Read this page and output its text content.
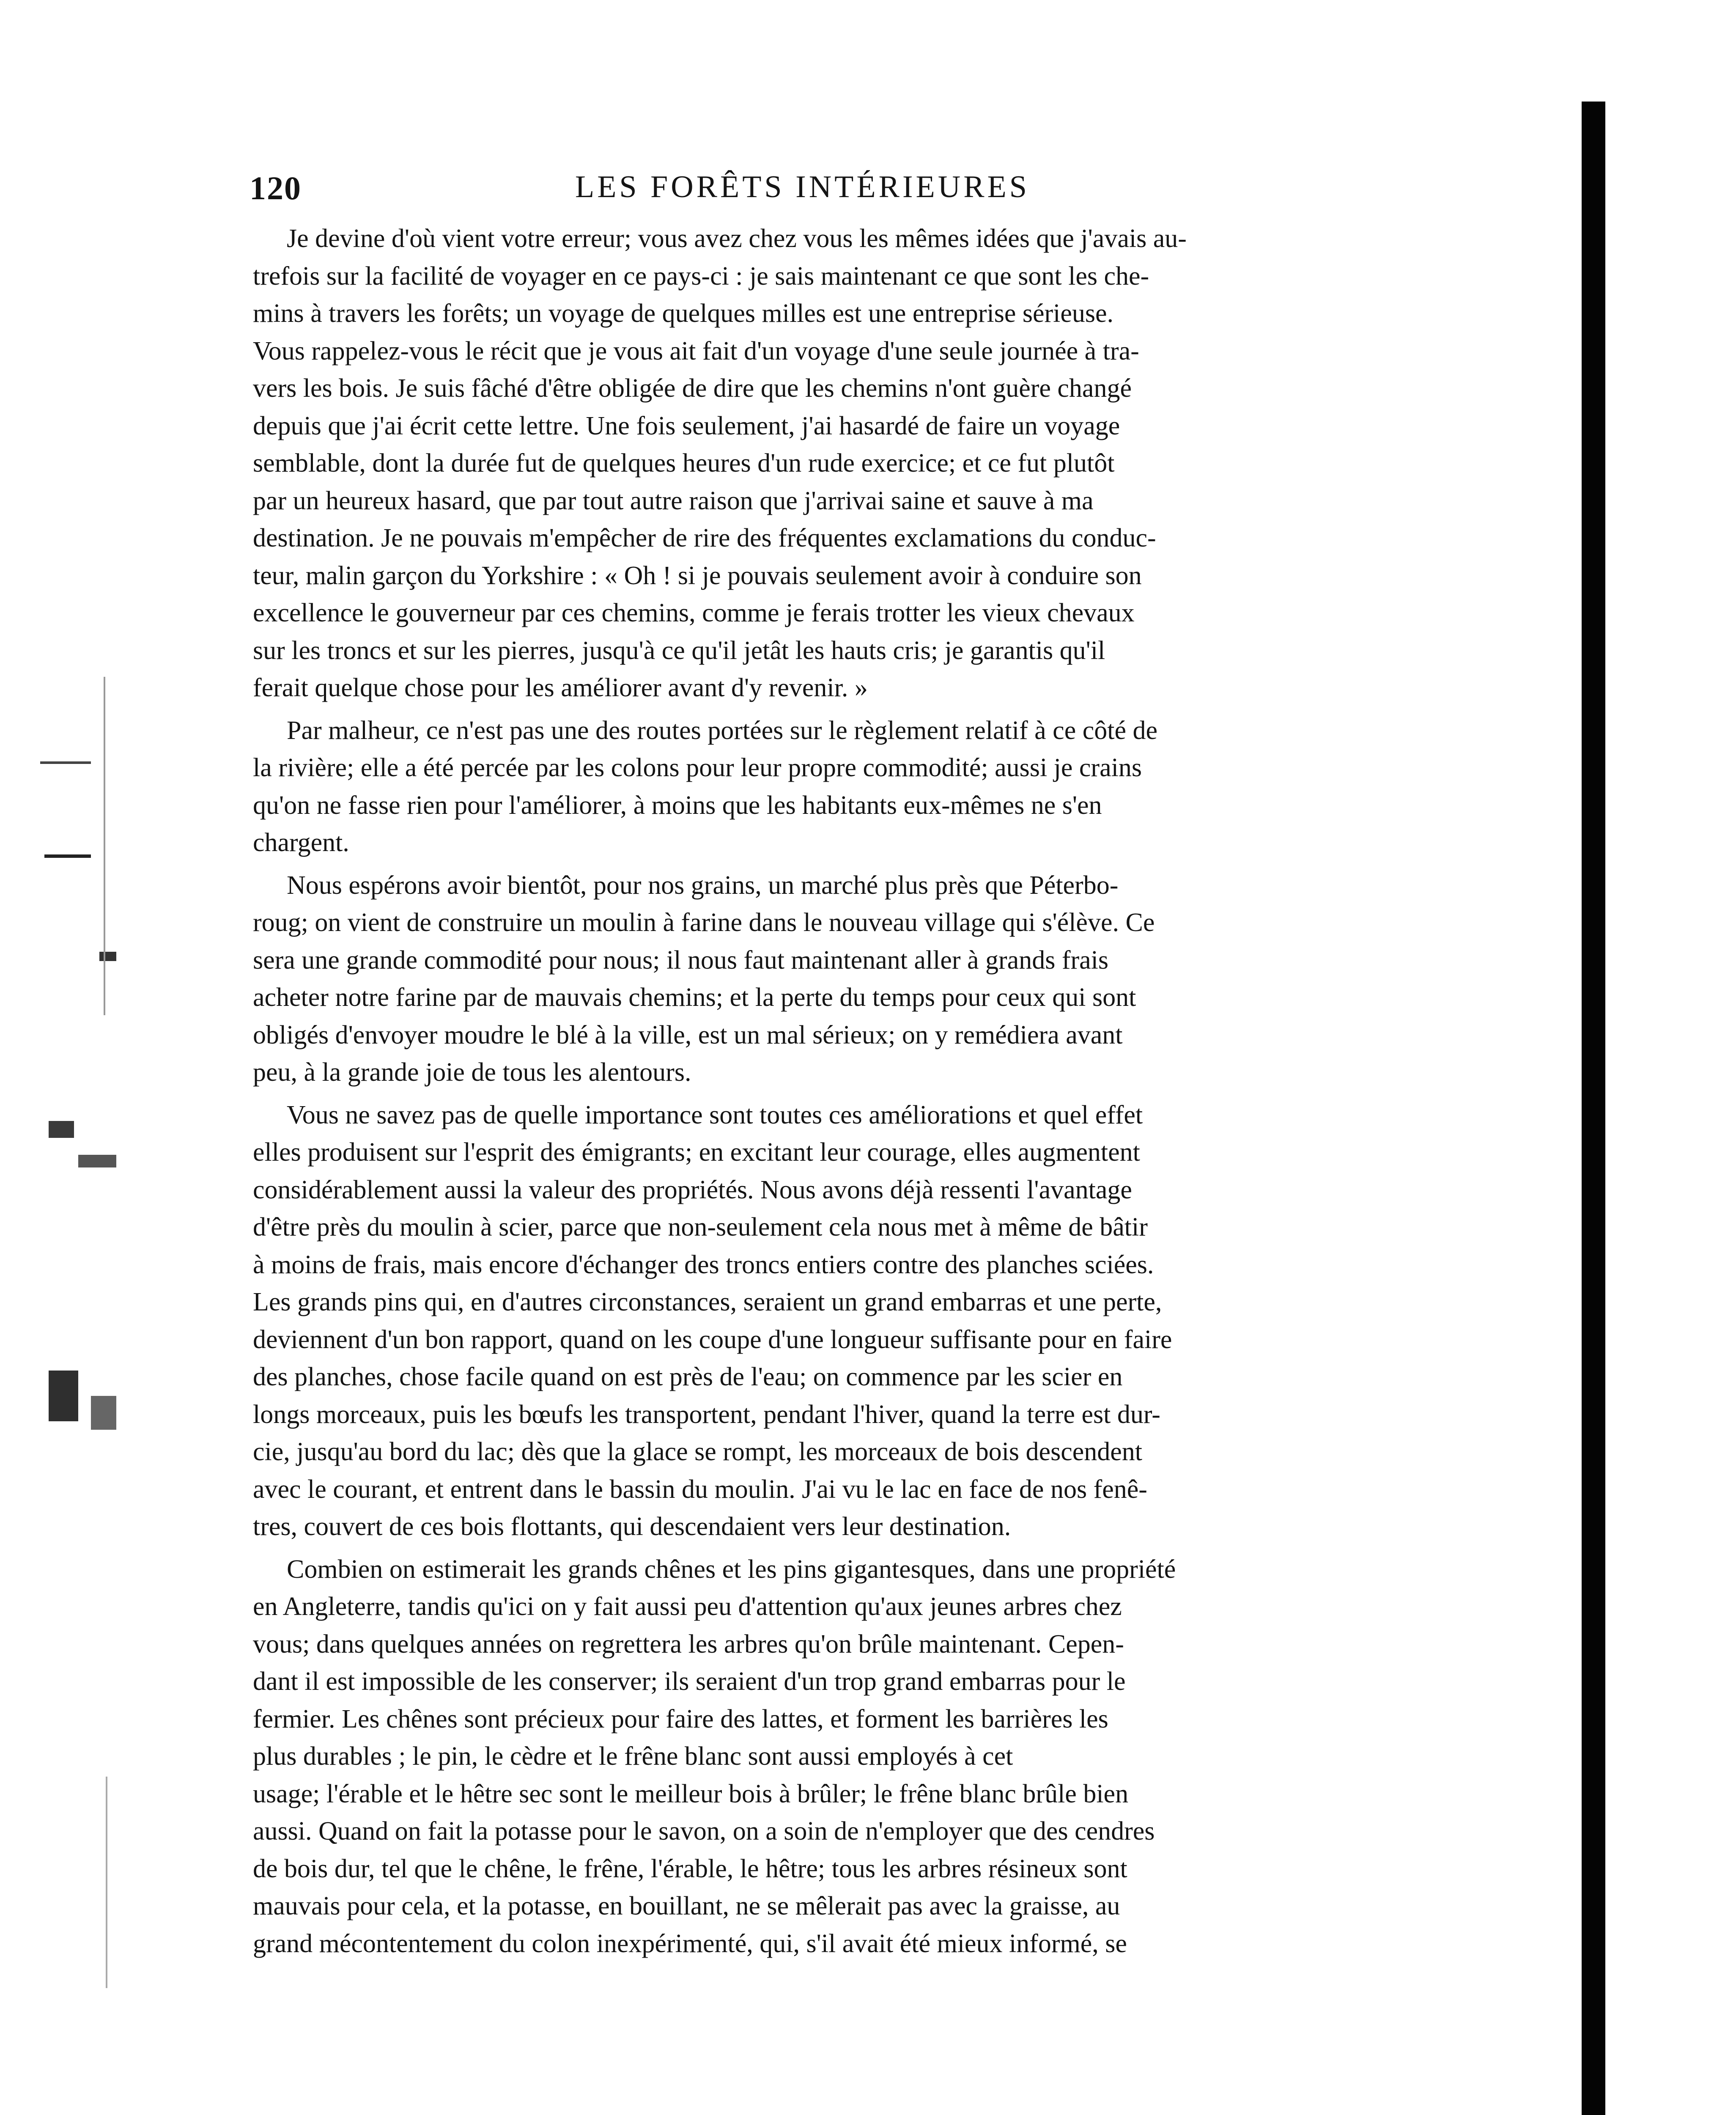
120	LES FORÊTS INTÉRIEURES

Je devine d'où vient votre erreur; vous avez chez vous les mêmes idées que j'avais au-
trefois sur la facilité de voyager en ce pays-ci : je sais maintenant ce que sont les che-
mins à travers les forêts; un voyage de quelques milles est une entreprise sérieuse.
Vous rappelez-vous le récit que je vous ait fait d'un voyage d'une seule journée à tra-
vers les bois. Je suis fâché d'être obligée de dire que les chemins n'ont guère changé
depuis que j'ai écrit cette lettre. Une fois seulement, j'ai hasardé de faire un voyage
semblable, dont la durée fut de quelques heures d'un rude exercice; et ce fut plutôt
par un heureux hasard, que par tout autre raison que j'arrivai saine et sauve à ma
destination. Je ne pouvais m'empêcher de rire des fréquentes exclamations du conduc-
teur, malin garçon du Yorkshire : « Oh ! si je pouvais seulement avoir à conduire son
excellence le gouverneur par ces chemins, comme je ferais trotter les vieux chevaux
sur les troncs et sur les pierres, jusqu'à ce qu'il jetât les hauts cris; je garantis qu'il
ferait quelque chose pour les améliorer avant d'y revenir. »

Par malheur, ce n'est pas une des routes portées sur le règlement relatif à ce côté de
la rivière; elle a été percée par les colons pour leur propre commodité; aussi je crains
qu'on ne fasse rien pour l'améliorer, à moins que les habitants eux-mêmes ne s'en
chargent.

Nous espérons avoir bientôt, pour nos grains, un marché plus près que Péterbo-
roug; on vient de construire un moulin à farine dans le nouveau village qui s'élève. Ce
sera une grande commodité pour nous; il nous faut maintenant aller à grands frais
acheter notre farine par de mauvais chemins; et la perte du temps pour ceux qui sont
obligés d'envoyer moudre le blé à la ville, est un mal sérieux; on y remédiera avant
peu, à la grande joie de tous les alentours.

Vous ne savez pas de quelle importance sont toutes ces améliorations et quel effet
elles produisent sur l'esprit des émigrants; en excitant leur courage, elles augmentent
considérablement aussi la valeur des propriétés. Nous avons déjà ressenti l'avantage
d'être près du moulin à scier, parce que non-seulement cela nous met à même de bâtir
à moins de frais, mais encore d'échanger des troncs entiers contre des planches sciées.
Les grands pins qui, en d'autres circonstances, seraient un grand embarras et une perte,
deviennent d'un bon rapport, quand on les coupe d'une longueur suffisante pour en faire
des planches, chose facile quand on est près de l'eau; on commence par les scier en
longs morceaux, puis les bœufs les transportent, pendant l'hiver, quand la terre est dur-
cie, jusqu'au bord du lac; dès que la glace se rompt, les morceaux de bois descendent
avec le courant, et entrent dans le bassin du moulin. J'ai vu le lac en face de nos fenê-
tres, couvert de ces bois flottants, qui descendaient vers leur destination.

Combien on estimerait les grands chênes et les pins gigantesques, dans une propriété
en Angleterre, tandis qu'ici on y fait aussi peu d'attention qu'aux jeunes arbres chez
vous; dans quelques années on regrettera les arbres qu'on brûle maintenant. Cepen-
dant il est impossible de les conserver; ils seraient d'un trop grand embarras pour le
fermier. Les chênes sont précieux pour faire des lattes, et forment les barrières les
plus durables ; le pin, le cèdre et le frêne blanc sont aussi employés à cet
usage; l'érable et le hêtre sec sont le meilleur bois à brûler; le frêne blanc brûle bien
aussi. Quand on fait la potasse pour le savon, on a soin de n'employer que des cendres
de bois dur, tel que le chêne, le frêne, l'érable, le hêtre; tous les arbres résineux sont
mauvais pour cela, et la potasse, en bouillant, ne se mêlerait pas avec la graisse, au
grand mécontentement du colon inexpérimenté, qui, s'il avait été mieux informé, se
